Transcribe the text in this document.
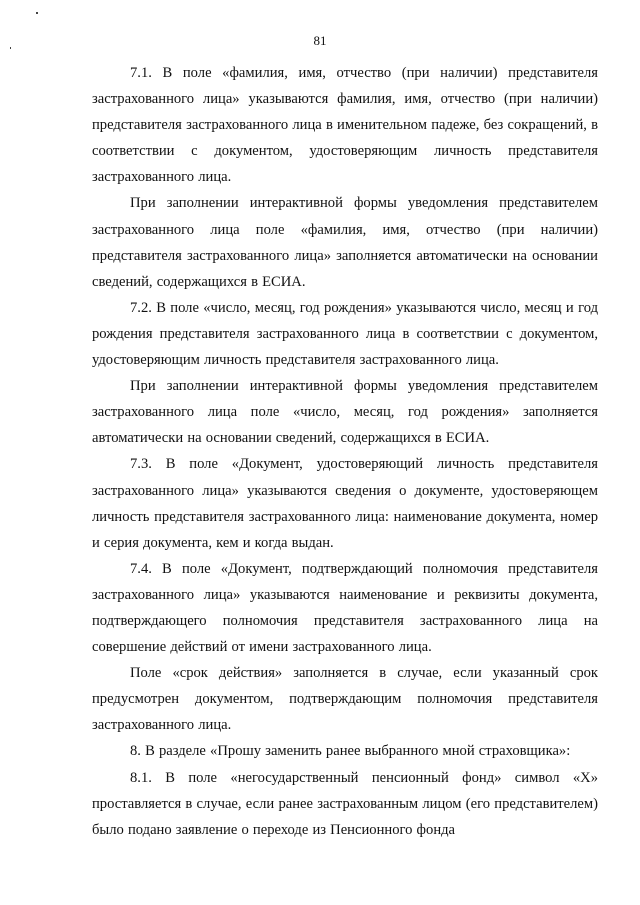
81

7.1. В поле «фамилия, имя, отчество (при наличии) представителя застрахованного лица» указываются фамилия, имя, отчество (при наличии) представителя застрахованного лица в именительном падеже, без сокращений, в соответствии с документом, удостоверяющим личность представителя застрахованного лица.

При заполнении интерактивной формы уведомления представителем застрахованного лица поле «фамилия, имя, отчество (при наличии) представителя застрахованного лица» заполняется автоматически на основании сведений, содержащихся в ЕСИА.

7.2. В поле «число, месяц, год рождения» указываются число, месяц и год рождения представителя застрахованного лица в соответствии с документом, удостоверяющим личность представителя застрахованного лица.

При заполнении интерактивной формы уведомления представителем застрахованного лица поле «число, месяц, год рождения» заполняется автоматически на основании сведений, содержащихся в ЕСИА.

7.3. В поле «Документ, удостоверяющий личность представителя застрахованного лица» указываются сведения о документе, удостоверяющем личность представителя застрахованного лица: наименование документа, номер и серия документа, кем и когда выдан.

7.4. В поле «Документ, подтверждающий полномочия представителя застрахованного лица» указываются наименование и реквизиты документа, подтверждающего полномочия представителя застрахованного лица на совершение действий от имени застрахованного лица.

Поле «срок действия» заполняется в случае, если указанный срок предусмотрен документом, подтверждающим полномочия представителя застрахованного лица.

8. В разделе «Прошу заменить ранее выбранного мной страховщика»:

8.1. В поле «негосударственный пенсионный фонд» символ «Х» проставляется в случае, если ранее застрахованным лицом (его представителем) было подано заявление о переходе из Пенсионного фонда
